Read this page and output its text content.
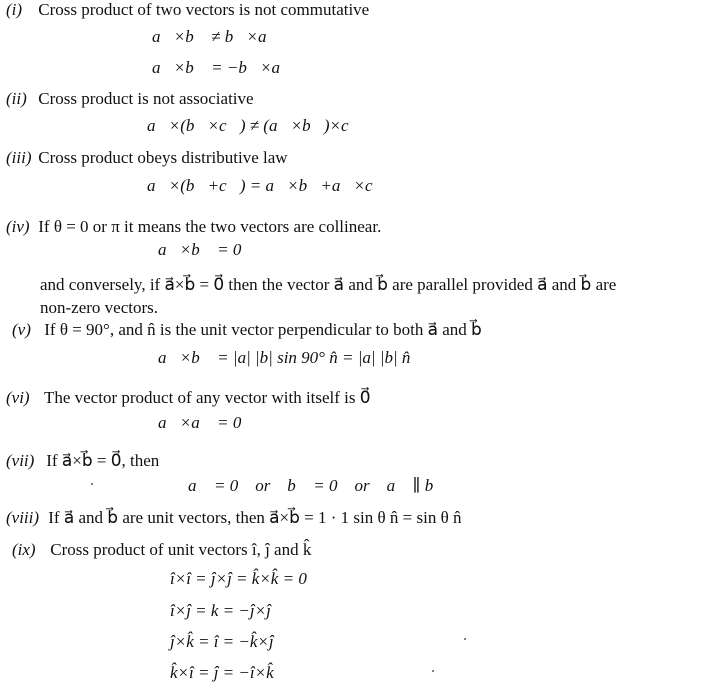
(i) Cross product of two vectors is not commutative
a⃗×b⃗ ≠ b⃗×a⃗
a⃗×b⃗ = −b⃗×a⃗
(ii) Cross product is not associative
a⃗×(b⃗×c⃗) ≠ (a⃗×b⃗)×c⃗
(iii) Cross product obeys distributive law
a⃗×(b⃗+c⃗) = a⃗×b⃗+a⃗×c⃗
(iv) If θ = 0 or π it means the two vectors are collinear.
a⃗×b⃗ = 0⃗
and conversely, if a⃗×b⃗ = 0⃗ then the vector a⃗ and b⃗ are parallel provided a⃗ and b⃗ are
non-zero vectors.
(v) If θ = 90°, and n̂ is the unit vector perpendicular to both a⃗ and b⃗
a⃗×b⃗ = |a| |b| sin 90° n̂ = |a| |b| n̂
(vi) The vector product of any vector with itself is 0⃗
a⃗×a⃗ = 0⃗
(vii) If a⃗×b⃗ = 0⃗, then
a⃗ = 0    or    b⃗ = 0    or    a⃗ ∥ b⃗
(viii) If a⃗ and b⃗ are unit vectors, then a⃗×b⃗ = 1 · 1 sin θ n̂ = sin θ n̂
(ix) Cross product of unit vectors î, ĵ and k̂
î×î = ĵ×ĵ = k̂×k̂ = 0
î×ĵ = k = −ĵ×ĵ
ĵ×k̂ = î = −k̂×ĵ
k̂×î = ĵ = −î×k̂
